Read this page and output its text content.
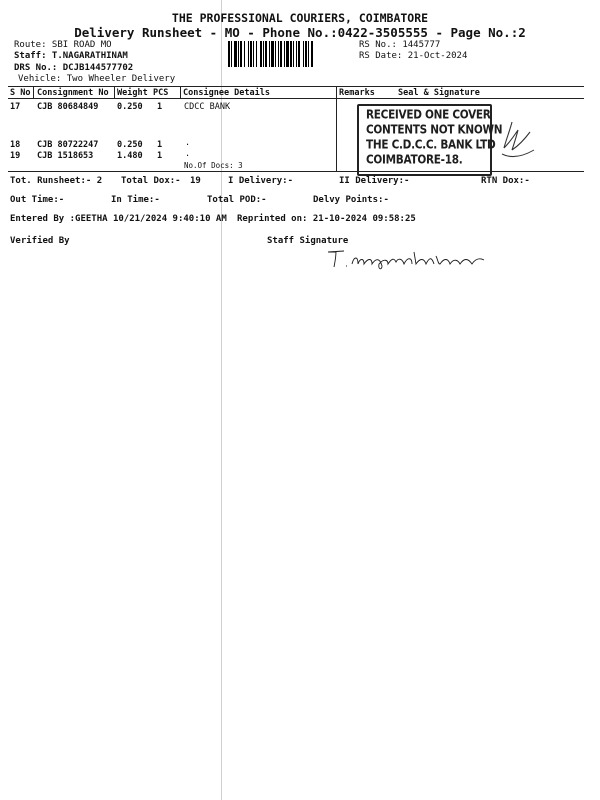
THE PROFESSIONAL COURIERS, COIMBATORE
Delivery Runsheet - MO - Phone No.:0422-3505555 - Page No.:2
Route: SBI ROAD MO
Staff: T.NAGARATHINAM
DRS No.: DCJB144577702
Vehicle: Two Wheeler Delivery
RS No.: 1445777
RS Date: 21-Oct-2024
S No Consignment No Weight PCS Consignee Details	Remarks	Seal & Signature
17 CJB 80684849 0.250 1	CDCC BANK
18 CJB 80722247 0.250 1	.
19 CJB 1518653	1.480 1	.
No.Of Docs: 3
RECEIVED ONE COVER
CONTENTS NOT KNOWN
THE C.D.C.C. BANK LTD
COIMBATORE-18.
Tot. Runsheet:- 2 Total Dox:- 19	I Delivery:-	II Delivery:-	RTN Dox:-
Out Time:-	In Time:-	Total POD:-	Delvy Points:-
Entered By :GEETHA 10/21/2024 9:40:10 AM Reprinted on: 21-10-2024 09:58:25
Verified By	Staff Signature
